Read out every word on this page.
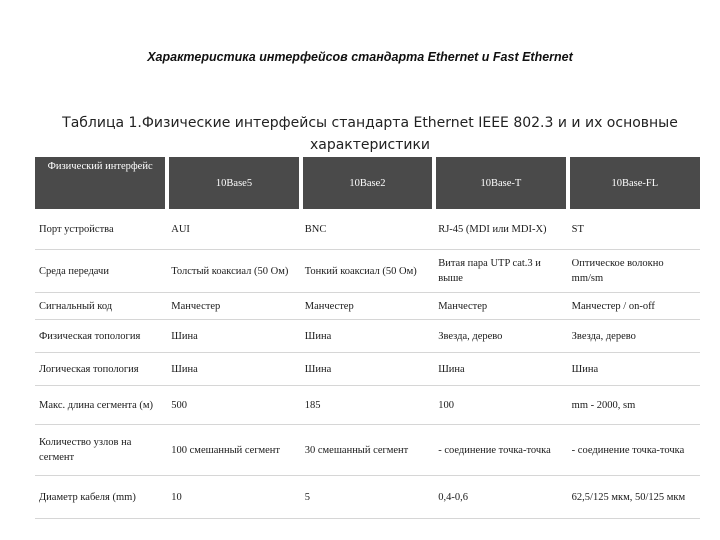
Характеристика интерфейсов стандарта Ethernet и Fast Ethernet
Таблица 1.Физические интерфейсы стандарта Ethernet IEEE 802.3 и и их основные
характеристики
Физический интерфейс	10Base5	10Base2	10Base-T	10Base-FL
Порт устройства	AUI	BNC	RJ-45 (MDI или MDI-X)	ST
Среда передачи	Толстый коаксиал (50 Ом)	Тонкий коаксиал (50 Ом)	Витая пара UTP cat.3 и выше	Оптическое волокно mm/sm
Сигнальный код	Манчестер	Манчестер	Манчестер	Манчестер / on-off
Физическая топология	Шина	Шина	Звезда, дерево	Звезда, дерево
Логическая топология	Шина	Шина	Шина	Шина
Макс. длина сегмента (м)	500	185	100	mm - 2000, sm
Количество узлов на сегмент	100 смешанный сегмент	30 смешанный сегмент	- соединение точка-точка	- соединение точка-точка
Диаметр кабеля (mm)	10	5	0,4-0,6	62,5/125 мкм, 50/125 мкм
